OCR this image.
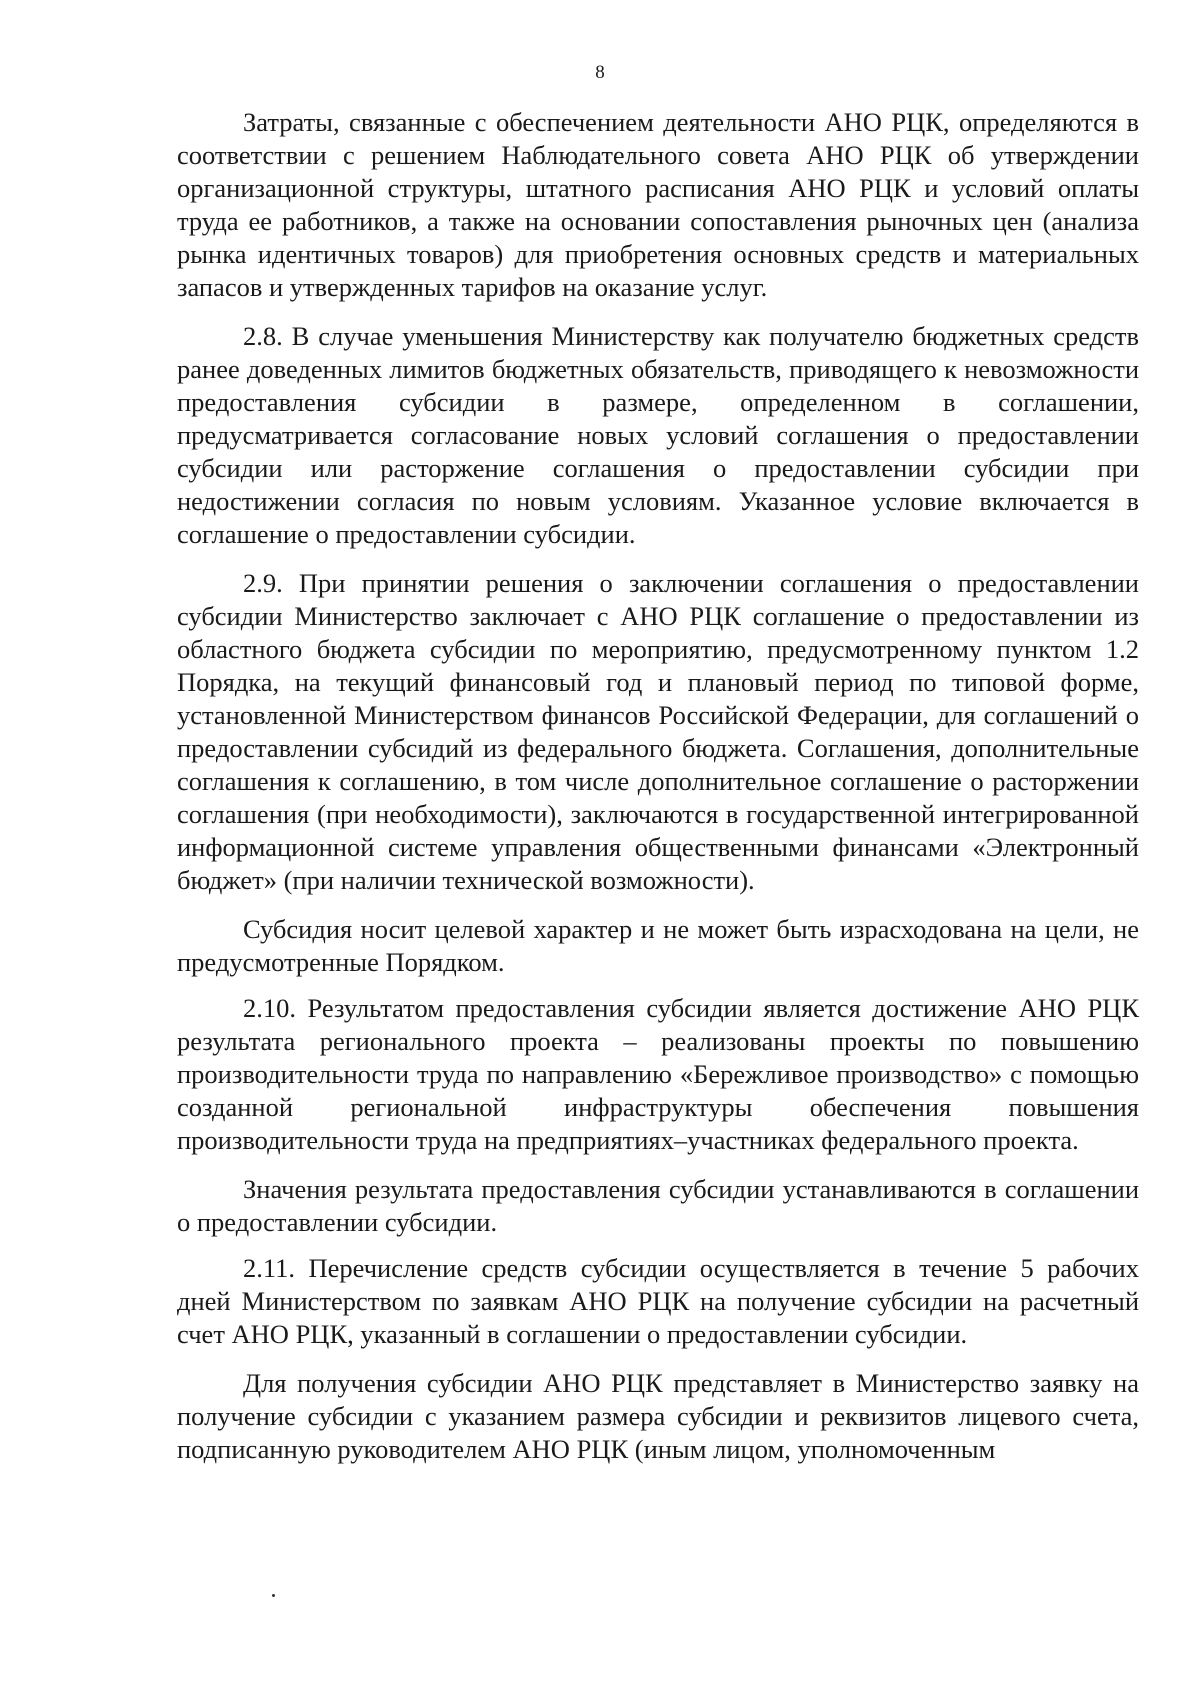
8

Затраты, связанные с обеспечением деятельности АНО РЦК, определяются в соответствии с решением Наблюдательного совета АНО РЦК об утверждении организационной структуры, штатного расписания АНО РЦК и условий оплаты труда ее работников, а также на основании сопоставления рыночных цен (анализа рынка идентичных товаров) для приобретения основных средств и материальных запасов и утвержденных тарифов на оказание услуг.

2.8. В случае уменьшения Министерству как получателю бюджетных средств ранее доведенных лимитов бюджетных обязательств, приводящего к невозможности предоставления субсидии в размере, определенном в соглашении, предусматривается согласование новых условий соглашения о предоставлении субсидии или расторжение соглашения о предоставлении субсидии при недостижении согласия по новым условиям. Указанное условие включается в соглашение о предоставлении субсидии.

2.9. При принятии решения о заключении соглашения о предоставлении субсидии Министерство заключает с АНО РЦК соглашение о предоставлении из областного бюджета субсидии по мероприятию, предусмотренному пунктом 1.2 Порядка, на текущий финансовый год и плановый период по типовой форме, установленной Министерством финансов Российской Федерации, для соглашений о предоставлении субсидий из федерального бюджета. Соглашения, дополнительные соглашения к соглашению, в том числе дополнительное соглашение о расторжении соглашения (при необходимости), заключаются в государственной интегрированной информационной системе управления общественными финансами «Электронный бюджет» (при наличии технической возможности).

Субсидия носит целевой характер и не может быть израсходована на цели, не предусмотренные Порядком.

2.10. Результатом предоставления субсидии является достижение АНО РЦК результата регионального проекта – реализованы проекты по повышению производительности труда по направлению «Бережливое производство» с помощью созданной региональной инфраструктуры обеспечения повышения производительности труда на предприятиях–участниках федерального проекта.

Значения результата предоставления субсидии устанавливаются в соглашении о предоставлении субсидии.

2.11. Перечисление средств субсидии осуществляется в течение 5 рабочих дней Министерством по заявкам АНО РЦК на получение субсидии на расчетный счет АНО РЦК, указанный в соглашении о предоставлении субсидии.

Для получения субсидии АНО РЦК представляет в Министерство заявку на получение субсидии с указанием размера субсидии и реквизитов лицевого счета, подписанную руководителем АНО РЦК (иным лицом, уполномоченным
